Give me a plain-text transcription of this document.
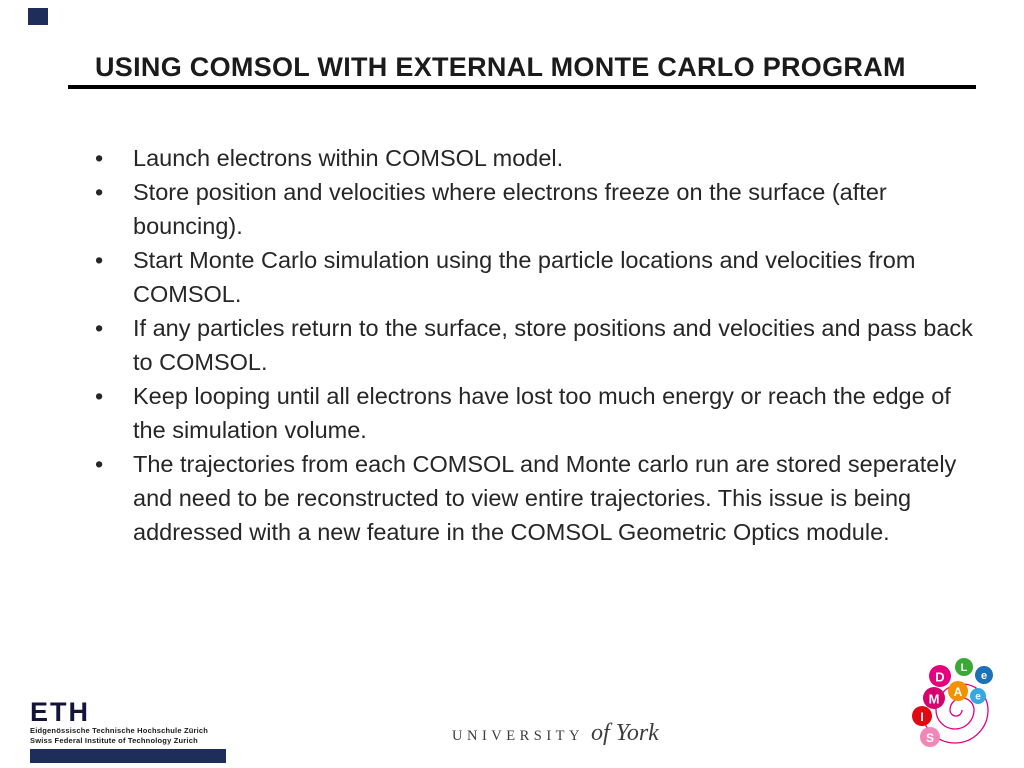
USING COMSOL WITH EXTERNAL MONTE CARLO PROGRAM
•	Launch electrons within COMSOL model.
•	Store position and velocities where electrons freeze on the surface (after bouncing).
•	Start Monte Carlo simulation using the particle locations and velocities from COMSOL.
•	If any particles return to the surface, store positions and velocities and pass back to COMSOL.
•	Keep looping until all electrons have lost too much energy or reach the edge of the simulation volume.
•	The trajectories from each COMSOL and Monte carlo run are stored seperately and need to be reconstructed to view entire trajectories. This issue is being addressed with a new feature in the COMSOL Geometric Optics module.
ETH
Eidgenössische Technische Hochschule Zürich
Swiss Federal Institute of Technology Zurich	UNIVERSITY of York
D
L
e
A e
M
I
S
